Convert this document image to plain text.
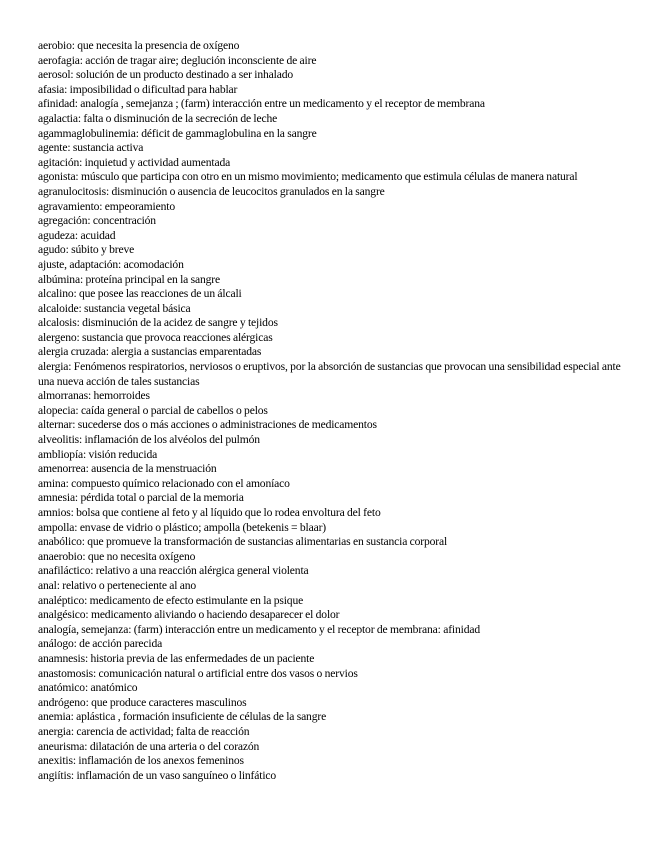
aerobio: que necesita la presencia de oxígeno

aerofagia: acción de tragar aire; deglución inconsciente de aire

aerosol: solución de un producto destinado a ser inhalado

afasia: imposibilidad o dificultad para hablar

afinidad: analogía , semejanza ; (farm) interacción entre un medicamento y el receptor de membrana

agalactia: falta o disminución de la secreción de leche

agammaglobulinemia: déficit de gammaglobulina en la sangre

agente: sustancia activa

agitación: inquietud y actividad aumentada

agonista: músculo que participa con otro en un mismo movimiento; medicamento que estimula células de manera natural

agranulocitosis: disminución o ausencia de leucocitos granulados en la sangre

agravamiento: empeoramiento

agregación: concentración

agudeza: acuidad

agudo: súbito y breve

ajuste, adaptación: acomodación

albúmina: proteína principal en la sangre

alcalino: que posee las reacciones de un álcali

alcaloide: sustancia vegetal básica

alcalosis: disminución de la acidez de sangre y tejidos

alergeno: sustancia que provoca reacciones alérgicas

alergia cruzada: alergia a sustancias emparentadas

alergia: Fenómenos respiratorios, nerviosos o eruptivos, por la absorción de sustancias que provocan una sensibilidad especial ante una nueva acción de tales sustancias

almorranas: hemorroides

alopecia: caída general o parcial de cabellos o pelos

alternar: sucederse dos o más acciones o administraciones de medicamentos

alveolitis: inflamación de los alvéolos del pulmón

ambliopía: visión reducida

amenorrea: ausencia de la menstruación

amina: compuesto químico relacionado con el amoníaco

amnesia: pérdida total o parcial de la memoria

amnios: bolsa que contiene al feto y al líquido que lo rodea envoltura del feto

ampolla: envase de vidrio o plástico; ampolla (betekenis = blaar)

anabólico: que promueve la transformación de sustancias alimentarias en sustancia corporal

anaerobio: que no necesita oxígeno

anafiláctico: relativo a una reacción alérgica general violenta

anal: relativo o perteneciente al ano

analéptico: medicamento de efecto estimulante en la psique

analgésico: medicamento aliviando o haciendo desaparecer el dolor

analogía, semejanza: (farm) interacción entre un medicamento y el receptor de membrana: afinidad

análogo: de acción parecida

anamnesis: historia previa de las enfermedades de un paciente

anastomosis: comunicación natural o artificial entre dos vasos o nervios

anatómico: anatómico

andrógeno: que produce caracteres masculinos

anemia: aplástica , formación insuficiente de células de la sangre

anergia: carencia de actividad; falta de reacción

aneurisma: dilatación de una arteria o del corazón

anexitis: inflamación de los anexos femeninos

angiítis: inflamación de un vaso sanguíneo o linfático
